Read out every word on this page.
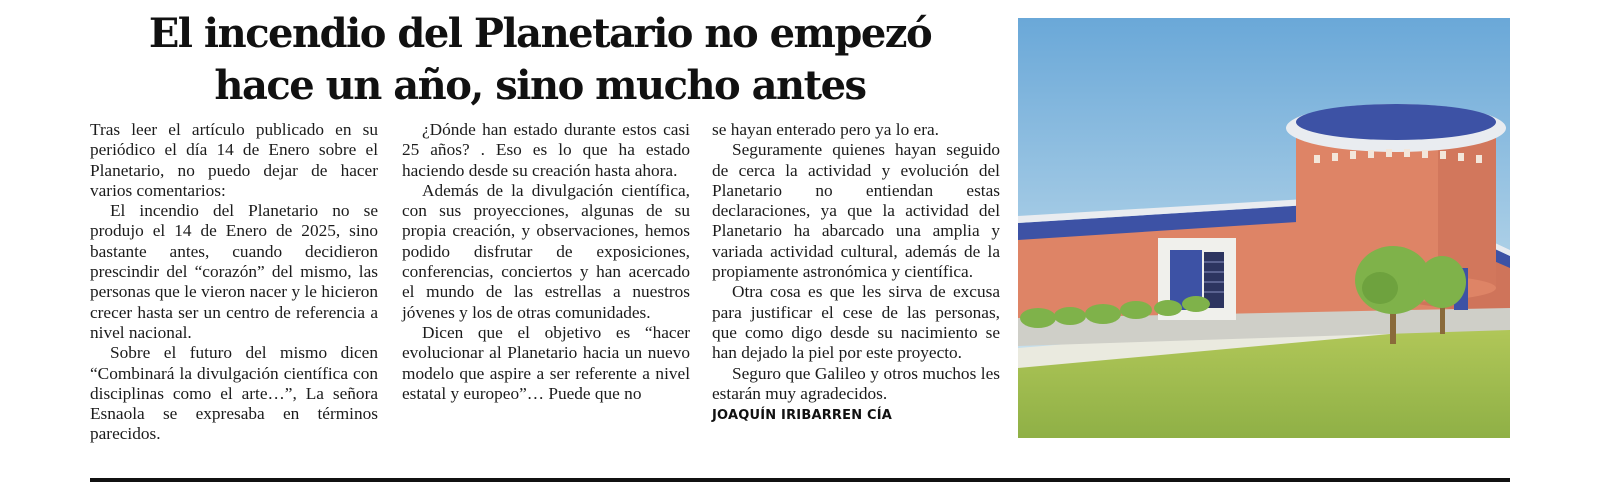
El incendio del Planetario no empezó
hace un año, sino mucho antes

Tras leer el artículo publicado en su periódico el día 14 de Enero sobre el Planetario, no puedo dejar de hacer varios comentarios:

El incendio del Planetario no se produjo el 14 de Enero de 2025, sino bastante antes, cuando decidieron prescindir del “corazón” del mismo, las personas que le vieron nacer y le hicieron crecer hasta ser un centro de referencia a nivel nacional.

Sobre el futuro del mismo dicen “Combinará la divulgación científica con disciplinas como el arte…”, La señora Esnaola se expresaba en términos parecidos.

¿Dónde han estado durante estos casi 25 años? . Eso es lo que ha estado haciendo desde su creación hasta ahora.

Además de la divulgación científica, con sus proyecciones, algunas de su propia creación, y observaciones, hemos podido disfrutar de exposiciones, conferencias, conciertos y han acercado el mundo de las estrellas a nuestros jóvenes y los de otras comunidades.

Dicen que el objetivo es “hacer evolucionar al Planetario hacia un nuevo modelo que aspire a ser referente a nivel estatal y europeo”… Puede que no

se hayan enterado pero ya lo era.

Seguramente quienes hayan seguido de cerca la actividad y evolución del Planetario no entiendan estas declaraciones, ya que la actividad del Planetario ha abarcado una amplia y variada actividad cultural, además de la propiamente astronómica y científica.

Otra cosa es que les sirva de excusa para justificar el cese de las personas, que como digo desde su nacimiento se han dejado la piel por este proyecto.

Seguro que Galileo y otros muchos les estarán muy agradecidos.

JOAQUÍN IRIBARREN CÍA
